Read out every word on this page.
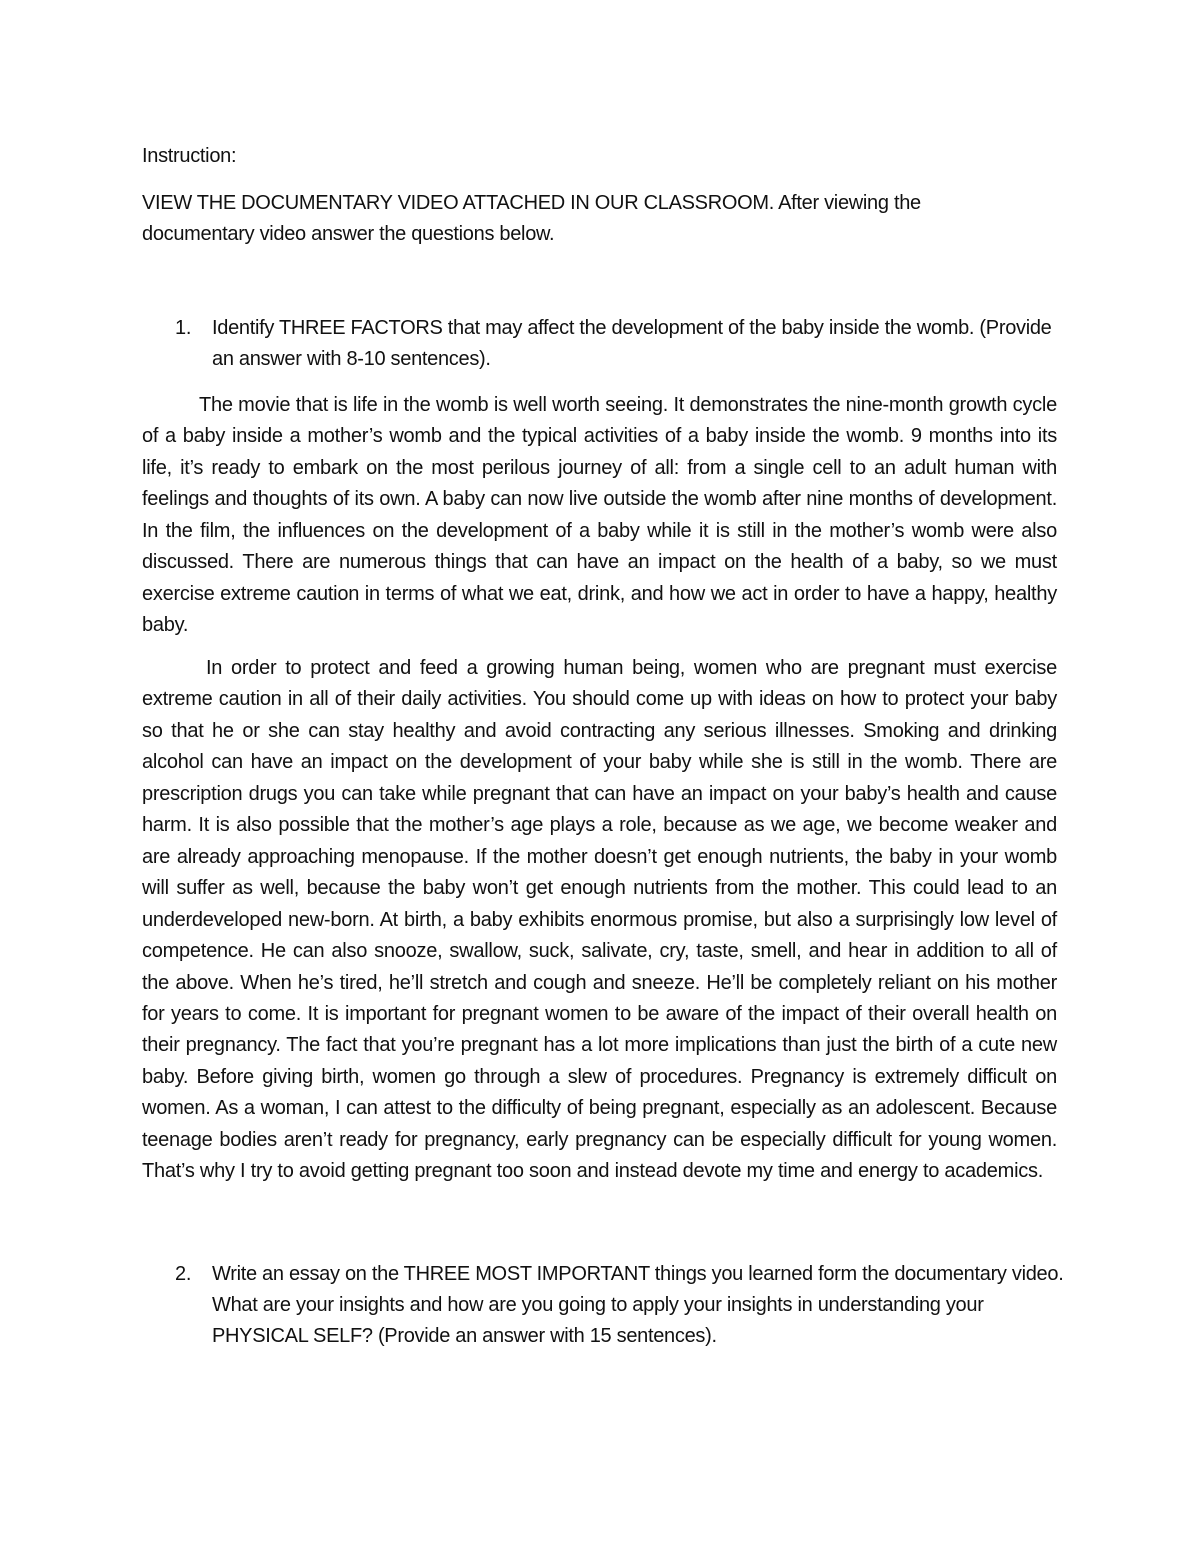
Instruction:

VIEW THE DOCUMENTARY VIDEO ATTACHED IN OUR CLASSROOM. After viewing the documentary video answer the questions below.

1. Identify THREE FACTORS that may affect the development of the baby inside the womb. (Provide an answer with 8-10 sentences).

The movie that is life in the womb is well worth seeing. It demonstrates the nine-month growth cycle of a baby inside a mother’s womb and the typical activities of a baby inside the womb. 9 months into its life, it’s ready to embark on the most perilous journey of all: from a single cell to an adult human with feelings and thoughts of its own. A baby can now live outside the womb after nine months of development. In the film, the influences on the development of a baby while it is still in the mother’s womb were also discussed. There are numerous things that can have an impact on the health of a baby, so we must exercise extreme caution in terms of what we eat, drink, and how we act in order to have a happy, healthy baby.

In order to protect and feed a growing human being, women who are pregnant must exercise extreme caution in all of their daily activities. You should come up with ideas on how to protect your baby so that he or she can stay healthy and avoid contracting any serious illnesses. Smoking and drinking alcohol can have an impact on the development of your baby while she is still in the womb. There are prescription drugs you can take while pregnant that can have an impact on your baby’s health and cause harm. It is also possible that the mother’s age plays a role, because as we age, we become weaker and are already approaching menopause. If the mother doesn’t get enough nutrients, the baby in your womb will suffer as well, because the baby won’t get enough nutrients from the mother. This could lead to an underdeveloped new-born. At birth, a baby exhibits enormous promise, but also a surprisingly low level of competence. He can also snooze, swallow, suck, salivate, cry, taste, smell, and hear in addition to all of the above. When he’s tired, he’ll stretch and cough and sneeze. He’ll be completely reliant on his mother for years to come. It is important for pregnant women to be aware of the impact of their overall health on their pregnancy. The fact that you’re pregnant has a lot more implications than just the birth of a cute new baby. Before giving birth, women go through a slew of procedures. Pregnancy is extremely difficult on women. As a woman, I can attest to the difficulty of being pregnant, especially as an adolescent. Because teenage bodies aren’t ready for pregnancy, early pregnancy can be especially difficult for young women. That’s why I try to avoid getting pregnant too soon and instead devote my time and energy to academics.

2. Write an essay on the THREE MOST IMPORTANT things you learned form the documentary video. What are your insights and how are you going to apply your insights in understanding your PHYSICAL SELF? (Provide an answer with 15 sentences).
